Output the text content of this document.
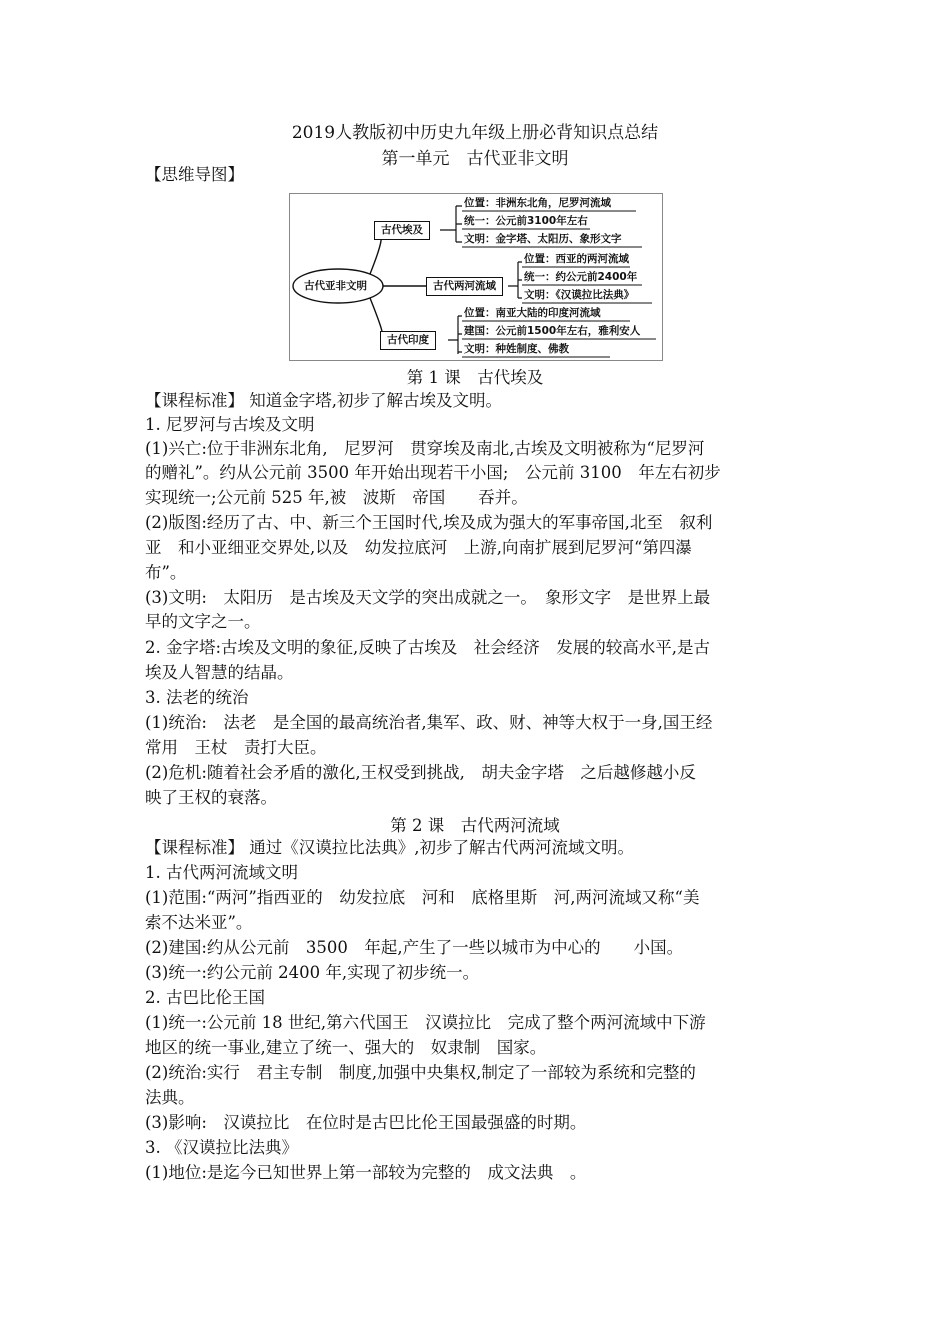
2019人教版初中历史九年级上册必背知识点总结
第一单元　古代亚非文明
【思维导图】
古代亚非文明
古代埃及
位置：非洲东北角，尼罗河流域
统一：公元前3100年左右
文明：金字塔、太阳历、象形文字
古代两河流域
位置：西亚的两河流域
统一：约公元前2400年
文明：《汉谟拉比法典》
古代印度
位置：南亚大陆的印度河流域
建国：公元前1500年左右，雅利安人
文明：种姓制度、佛教
第 1 课　古代埃及
【课程标准】 知道金字塔,初步了解古埃及文明。
1. 尼罗河与古埃及文明
(1)兴亡:位于非洲东北角,　尼罗河　贯穿埃及南北,古埃及文明被称为“尼罗河
的赠礼”。约从公元前 3500 年开始出现若干小国;　公元前 3100　年左右初步
实现统一;公元前 525 年,被　波斯　帝国　　吞并。
(2)版图:经历了古、中、新三个王国时代,埃及成为强大的军事帝国,北至　叙利
亚　和小亚细亚交界处,以及　幼发拉底河　上游,向南扩展到尼罗河“第四瀑
布”。
(3)文明:　太阳历　是古埃及天文学的突出成就之一。　象形文字　是世界上最
早的文字之一。
2. 金字塔:古埃及文明的象征,反映了古埃及　社会经济　发展的较高水平,是古
埃及人智慧的结晶。
3. 法老的统治
(1)统治:　法老　是全国的最高统治者,集军、政、财、神等大权于一身,国王经
常用　王杖　责打大臣。
(2)危机:随着社会矛盾的激化,王权受到挑战,　胡夫金字塔　之后越修越小反
映了王权的衰落。
第 2 课　古代两河流域
【课程标准】 通过《汉谟拉比法典》,初步了解古代两河流域文明。
1. 古代两河流域文明
(1)范围:“两河”指西亚的　幼发拉底　河和　底格里斯　河,两河流域又称“美
索不达米亚”。
(2)建国:约从公元前　3500　年起,产生了一些以城市为中心的　　小国。
(3)统一:约公元前 2400 年,实现了初步统一。
2. 古巴比伦王国
(1)统一:公元前 18 世纪,第六代国王　汉谟拉比　完成了整个两河流域中下游
地区的统一事业,建立了统一、强大的　奴隶制　国家。
(2)统治:实行　君主专制　制度,加强中央集权,制定了一部较为系统和完整的
法典。
(3)影响:　汉谟拉比　在位时是古巴比伦王国最强盛的时期。
3. 《汉谟拉比法典》
(1)地位:是迄今已知世界上第一部较为完整的　成文法典　。
